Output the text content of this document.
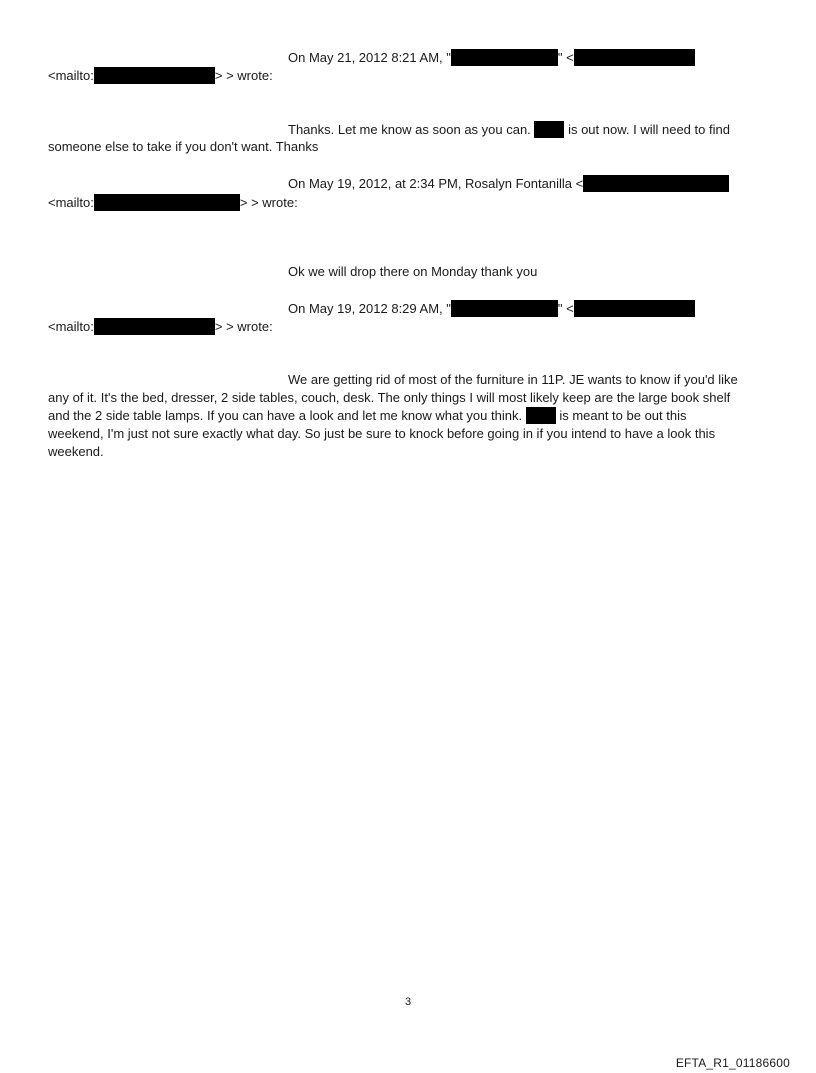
On May 21, 2012 8:21 AM, "	" <
<mailto:	> > wrote:
Thanks. Let me know as soon as you can.	is out now. I will need to find
someone else to take if you don't want. Thanks
On May 19, 2012, at 2:34 PM, Rosalyn Fontanilla <
<mailto:	> > wrote:
Ok we will drop there on Monday thank you
On May 19, 2012 8:29 AM, "	" <
<mailto:	> > wrote:
We are getting rid of most of the furniture in 11P. JE wants to know if you'd like
any of it. It's the bed, dresser, 2 side tables, couch, desk. The only things I will most likely keep are the large book shelf
and the 2 side table lamps. If you can have a look and let me know what you think.	is meant to be out this
weekend, I'm just not sure exactly what day. So just be sure to knock before going in if you intend to have a look this
weekend.
3
EFTA_R1_01186600
